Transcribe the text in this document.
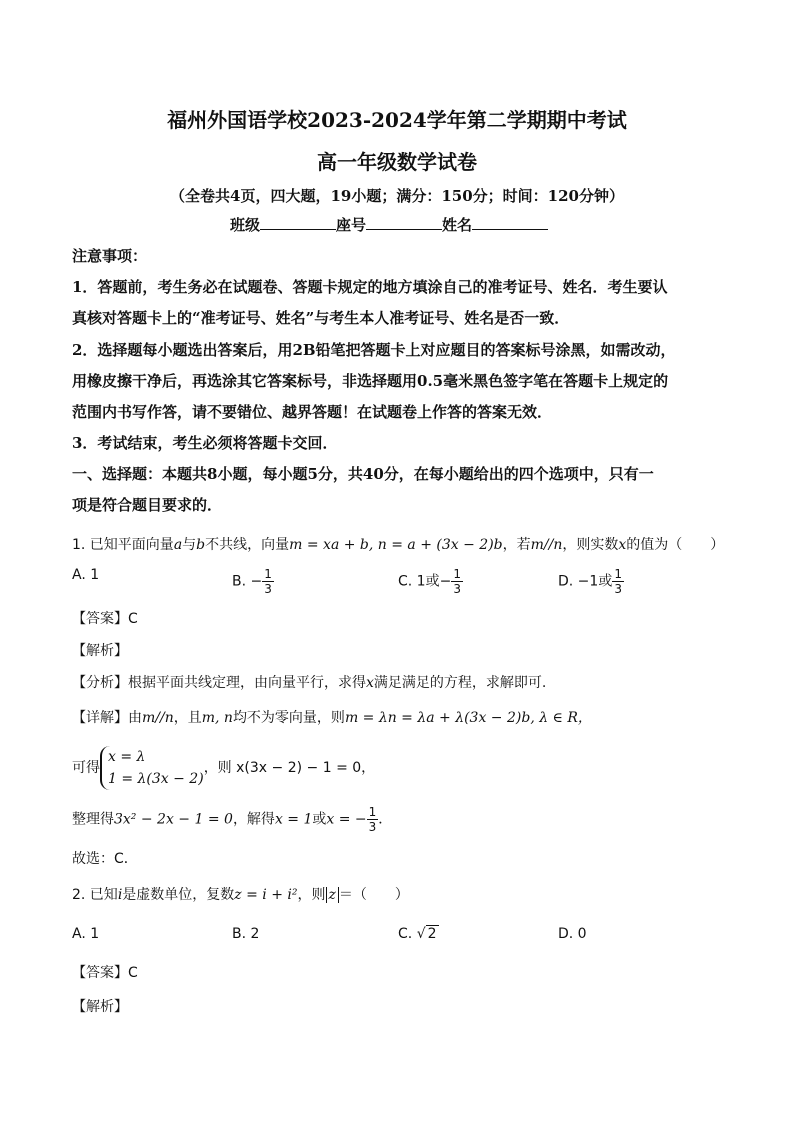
福州外国语学校2023-2024学年第二学期期中考试
高一年级数学试卷
（全卷共4页，四大题，19小题；满分：150分；时间：120分钟）
班级	座号	姓名
注意事项：
1．答题前，考生务必在试题卷、答题卡规定的地方填涂自己的准考证号、姓名．考生要认
真核对答题卡上的“准考证号、姓名”与考生本人准考证号、姓名是否一致．
2．选择题每小题选出答案后，用2B铅笔把答题卡上对应题目的答案标号涂黑，如需改动，
用橡皮擦干净后，再选涂其它答案标号，非选择题用0.5毫米黑色签字笔在答题卡上规定的
范围内书写作答，请不要错位、越界答题！在试题卷上作答的答案无效．
3．考试结束，考生必须将答题卡交回．
一、选择题：本题共8小题，每小题5分，共40分，在每小题给出的四个选项中，只有一
项是符合题目要求的．
1. 已知平面向量a与b不共线，向量m = xa + b, n = a + (3x − 2)b，若m//n，则实数x的值为（　　）
A. 1	B. − $\frac{1}{3}$	C. 1或− $\frac{1}{3}$	D. −1或 $\frac{1}{3}$
【答案】C
【解析】
【分析】根据平面共线定理，由向量平行，求得x满足满足的方程，求解即可.
【详解】由m//n，且m, n均不为零向量，则m = λn = λa + λ(3x − 2)b, λ ∈ R，
可得x = λ
1 = λ(3x − 2)，则 x(3x − 2) − 1 = 0，
整理得3x² − 2x − 1 = 0，解得x = 1或x = − $\frac{1}{3}$ ．
故选：C．
2. 已知i是虚数单位，复数z = i + i²，则 z ＝（　　）
A. 1	B. 2	C. √ 2	D. 0
【答案】C
【解析】
